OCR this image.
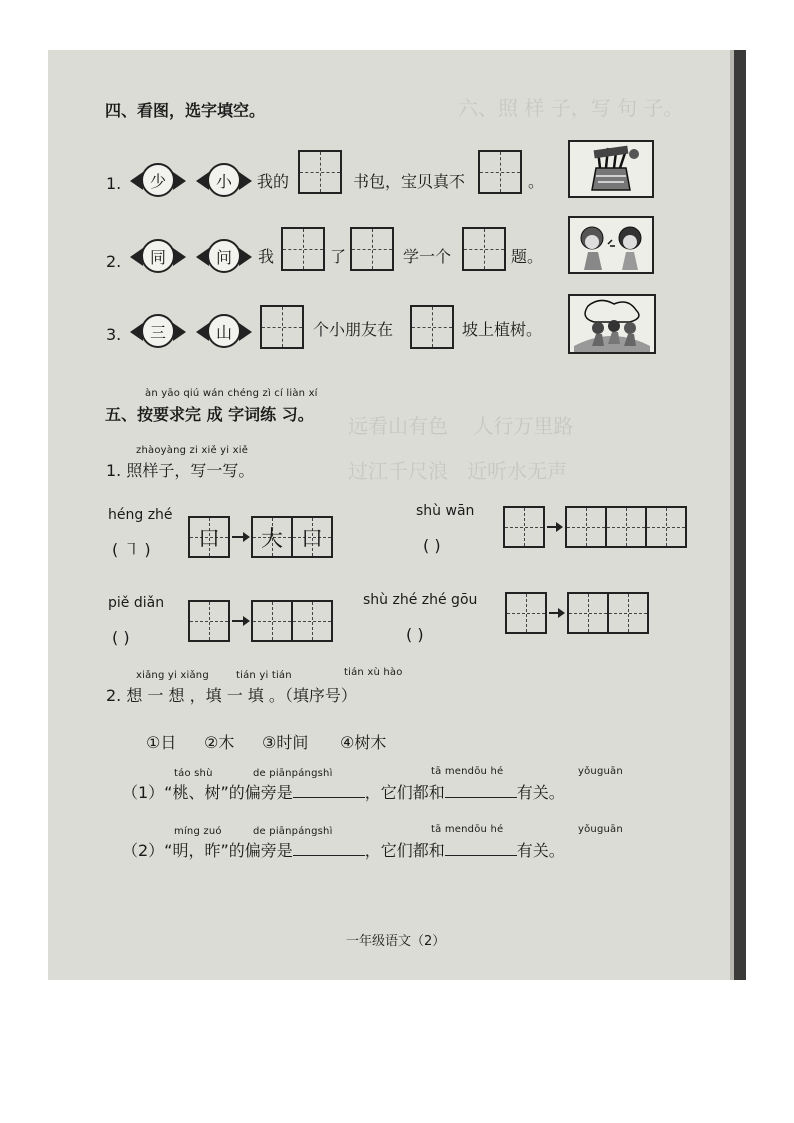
六、照 样 子，写 句 子。
远看山有色    人行万里路
过江千尺浪   近听水无声
四、看图，选字填空。
1.	少	小	我的	书包，宝贝真不	。
2.	同	问	我	了	学一个	题。
3.	三	山	个小朋友在	坡上植树。
àn yāo qiú wán chéng zì cí liàn xí
五、按要求完 成 字词练 习。
zhàoyàng zi xiě yi xiě
1. 照样子，写一写。
héng zhé
( ㇕ )	口	大 口
shù wān
( )
piě diǎn
( )
shù zhé zhé gōu
( )
xiǎng yi xiǎng	tián yi tián	tián xù hào
2. 想 一 想 ，填 一 填 。（填序号）
①日 ②木 ③时间 ④树木
táo shù	de piānpángshì	tā mendōu hé	yǒuguān
（1）“桃、树”的偏旁是	，它们都和	有关。
míng zuó	de piānpángshì	tā mendōu hé	yǒuguān
（2）“明，昨”的偏旁是	，它们都和	有关。
一年级语文（2）
